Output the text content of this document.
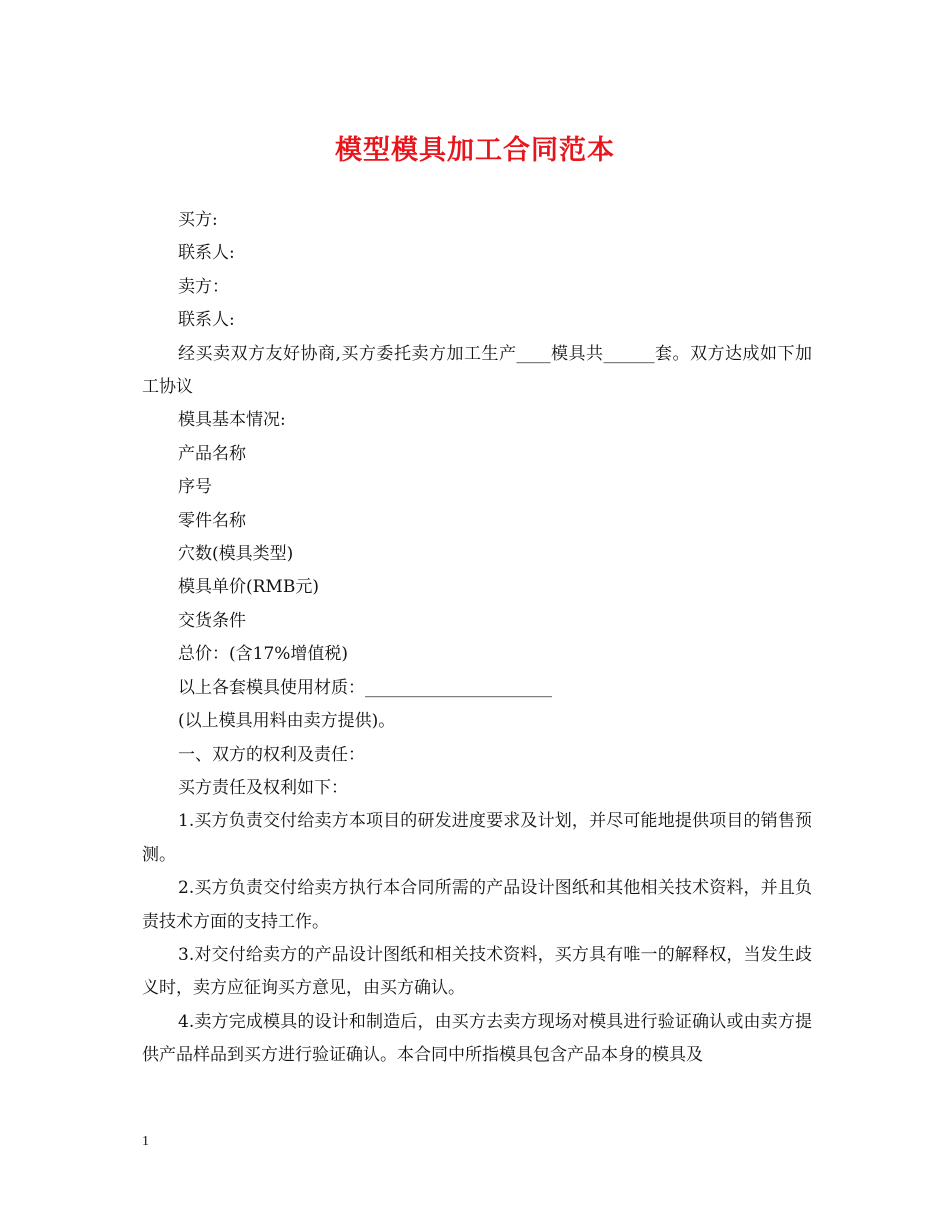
模型模具加工合同范本

买方:

联系人:

卖方：

联系人:

经买卖双方友好协商,买方委托卖方加工生产____模具共______套。双方达成如下加工协议

模具基本情况:

产品名称

序号

零件名称

穴数(模具类型)

模具单价(RMB元)

交货条件

总价：(含17%增值税)

以上各套模具使用材质：______________________

(以上模具用料由卖方提供)。

一、双方的权利及责任：

买方责任及权利如下：

1.买方负责交付给卖方本项目的研发进度要求及计划，并尽可能地提供项目的销售预测。

2.买方负责交付给卖方执行本合同所需的产品设计图纸和其他相关技术资料，并且负责技术方面的支持工作。

3.对交付给卖方的产品设计图纸和相关技术资料，买方具有唯一的解释权，当发生歧义时，卖方应征询买方意见，由买方确认。

4.卖方完成模具的设计和制造后，由买方去卖方现场对模具进行验证确认或由卖方提供产品样品到买方进行验证确认。本合同中所指模具包含产品本身的模具及

1
